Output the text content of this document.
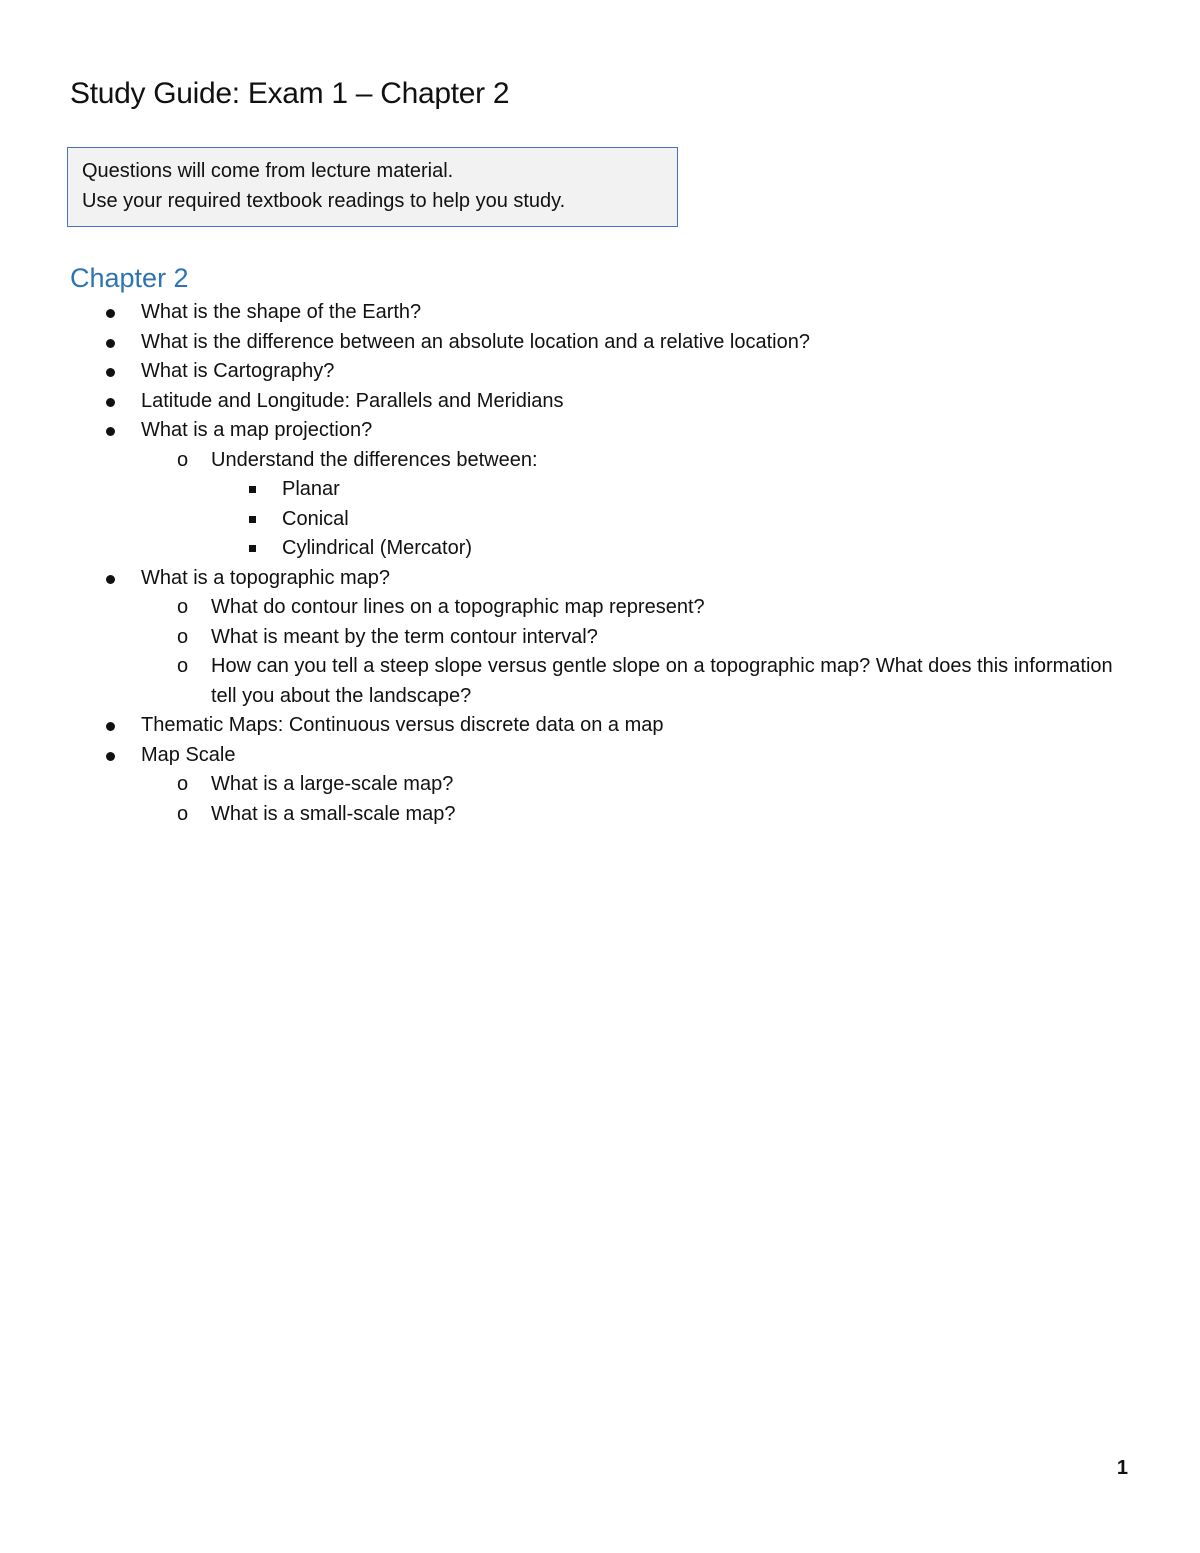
Study Guide: Exam 1 – Chapter 2

Questions will come from lecture material.

Use your required textbook readings to help you study.

Chapter 2
What is the shape of the Earth?
What is the difference between an absolute location and a relative location?
What is Cartography?
Latitude and Longitude: Parallels and Meridians
What is a map projection?
o Understand the differences between:
Planar
Conical
Cylindrical (Mercator)
What is a topographic map?
o What do contour lines on a topographic map represent?
o What is meant by the term contour interval?
o How can you tell a steep slope versus gentle slope on a topographic map? What does this information tell you about the landscape?
Thematic Maps: Continuous versus discrete data on a map
Map Scale
o What is a large-scale map?
o What is a small-scale map?
1
